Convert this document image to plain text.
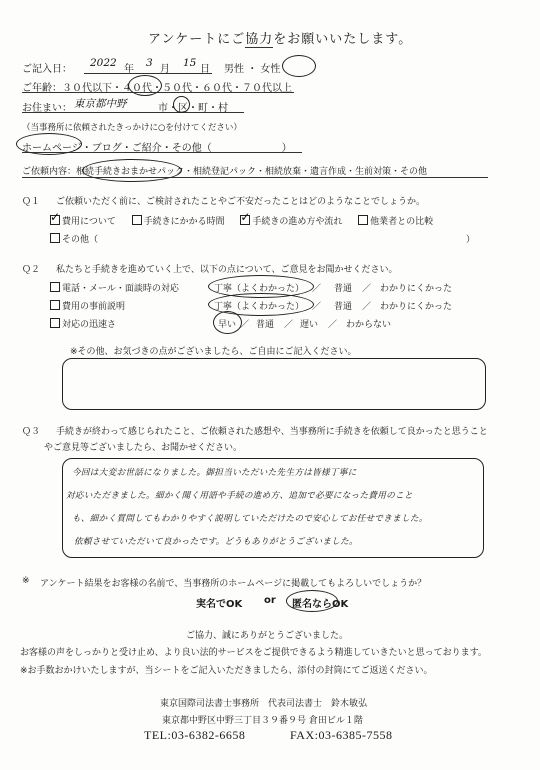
アンケートにご協力をお願いいたします。
ご記入日：
2022
年
3
月
15
日 男性 ・ 女性
ご年齢：３０代以下・４０代・５０代・６０代・７０代以上
お住まい： 東京都中野	市・区・町・村
（当事務所に依頼されたきっかけに○を付けてください）
ホームページ・ブログ・ご紹介・その他（　　　　　　　）
ご依頼内容：相続手続きおまかせパック・相続登記パック・相続放棄・遺言作成・生前対策・その他
Ｑ１ ご依頼いただく前に、ご検討されたことやご不安だったことはどのようなことでしょうか。
✓費用について	手続きにかかる時間  ✓	手続きの進め方や流れ	他業者との比較
その他（	）
Ｑ２ 私たちと手続きを進めていく上で、以下の点について、ご意見をお聞かせください。
電話・メール・面談時の対応	丁寧（よくわかった） ／ 普通 ／ わかりにくかった
費用の事前説明	丁寧（よくわかった） ／ 普通 ／ わかりにくかった
対応の迅速さ	早い ／ 普通 ／ 遅い ／ わからない
※その他、お気づきの点がございましたら、ご自由にご記入ください。
Ｑ３ 手続きが終わって感じられたこと、ご依頼された感想や、当事務所に手続きを依頼して良かったと思うこと
やご意見等ございましたら、お聞かせください。
今回は大変お世話になりました。御担当いただいた先生方は皆様丁寧に
対応いただきました。細かく聞く用語や手続の進め方、追加で必要になった費用のこと
も、細かく質問してもわかりやすく説明していただけたので安心してお任せできました。
依頼させていただいて良かったです。どうもありがとうございました。
※ アンケート結果をお客様の名前で、当事務所のホームページに掲載してもよろしいでしょうか？
実名でOK or 匿名ならOK
ご協力、誠にありがとうございました。
お客様の声をしっかりと受け止め、より良い法的サービスをご提供できるよう精進していきたいと思っております。
※お手数おかけいたしますが、当シートをご記入いただきましたら、添付の封筒にてご返送ください。
東京国際司法書士事務所　代表司法書士　鈴木敏弘
東京都中野区中野三丁目３９番９号 倉田ビル１階
TEL:03-6382-6658	FAX:03-6385-7558
